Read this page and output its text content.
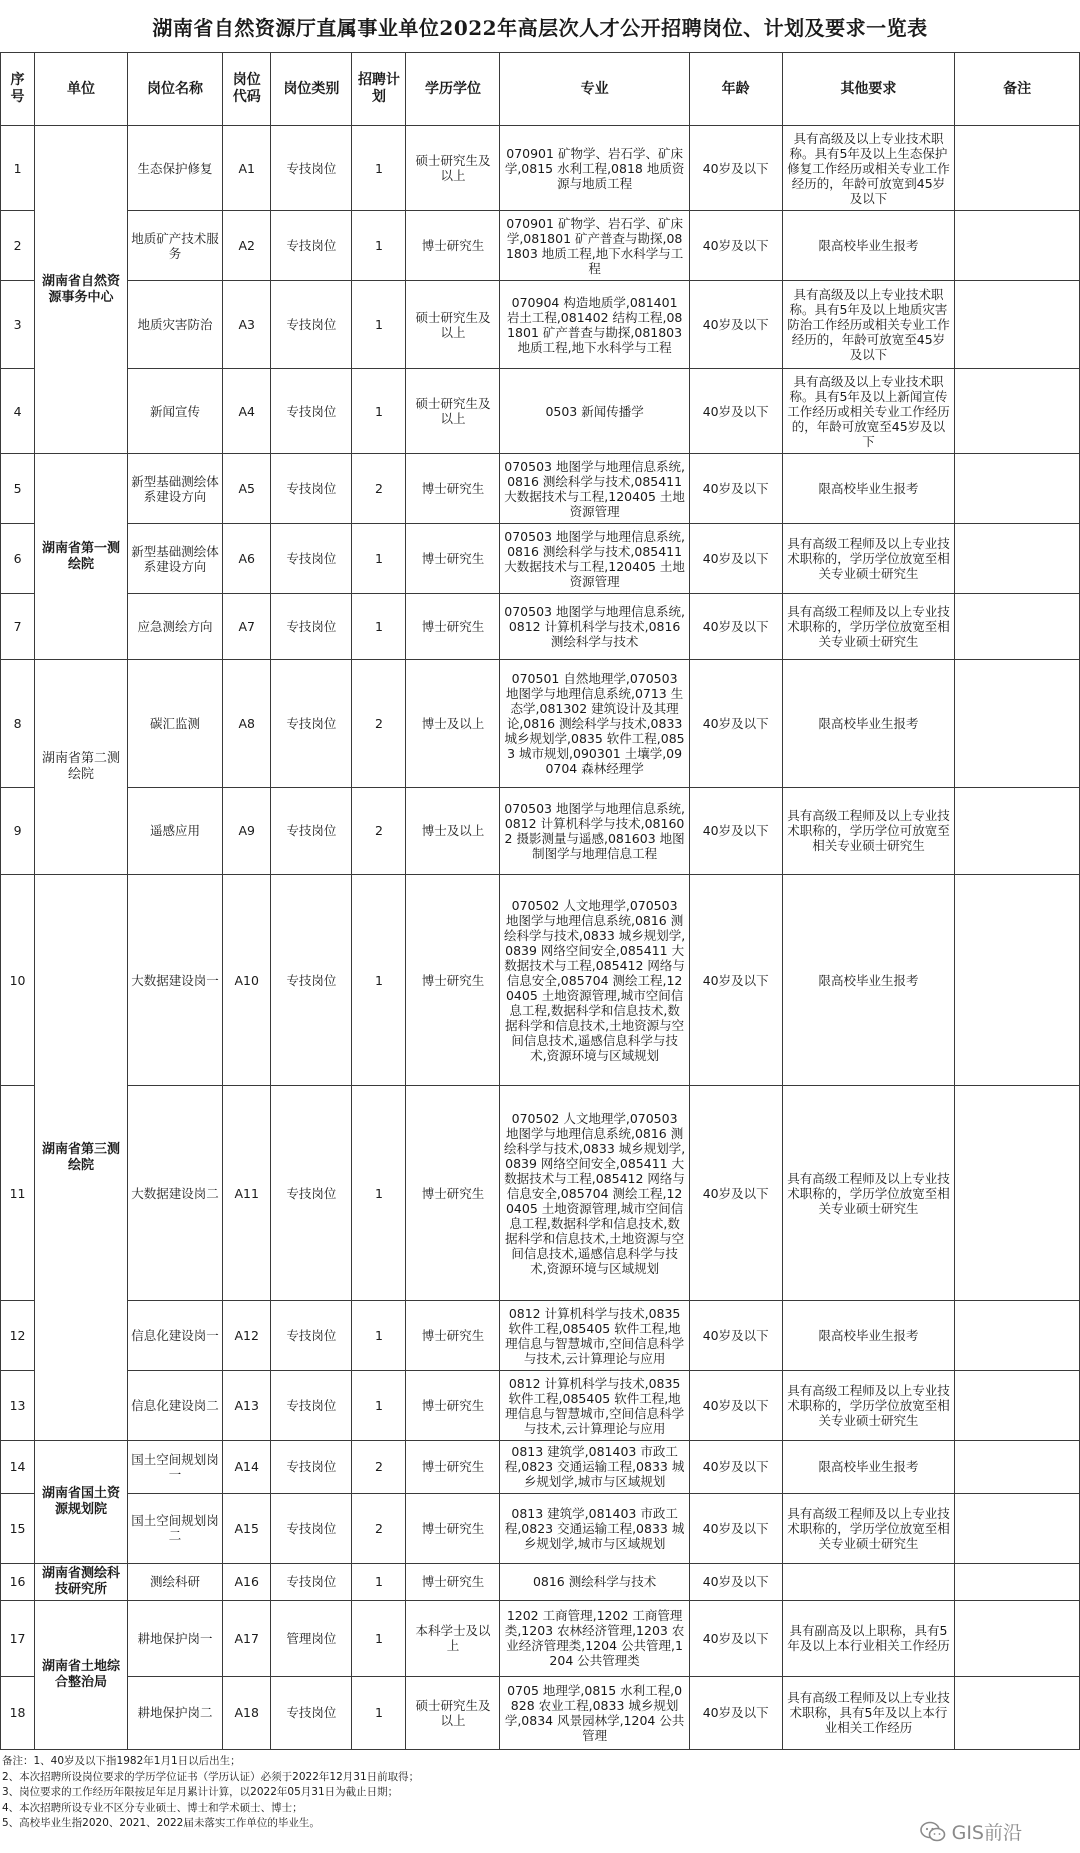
湖南省自然资源厅直属事业单位2022年高层次人才公开招聘岗位、计划及要求一览表
序号	单位	岗位名称	岗位代码	岗位类别	招聘计划	学历学位	专业	年龄	其他要求	备注
1	湖南省自然资源事务中心	生态保护修复	A1	专技岗位	1	硕士研究生及以上	070901 矿物学、岩石学、矿床学,0815 水利工程,0818 地质资源与地质工程	40岁及以下	具有高级及以上专业技术职称。具有5年及以上生态保护修复工作经历或相关专业工作经历的，年龄可放宽到45岁及以下	
2		地质矿产技术服务	A2	专技岗位	1	博士研究生	070901 矿物学、岩石学、矿床学,081801 矿产普查与勘探,081803 地质工程,地下水科学与工程	40岁及以下	限高校毕业生报考	
3		地质灾害防治	A3	专技岗位	1	硕士研究生及以上	070904 构造地质学,081401 岩土工程,081402 结构工程,081801 矿产普查与勘探,081803 地质工程,地下水科学与工程	40岁及以下	具有高级及以上专业技术职称。具有5年及以上地质灾害防治工作经历或相关专业工作经历的，年龄可放宽至45岁及以下	
4		新闻宣传	A4	专技岗位	1	硕士研究生及以上	0503 新闻传播学	40岁及以下	具有高级及以上专业技术职称。具有5年及以上新闻宣传工作经历或相关专业工作经历的，年龄可放宽至45岁及以下	
5	湖南省第一测绘院	新型基础测绘体系建设方向	A5	专技岗位	2	博士研究生	070503 地图学与地理信息系统,0816 测绘科学与技术,085411 大数据技术与工程,120405 土地资源管理	40岁及以下	限高校毕业生报考	
6		新型基础测绘体系建设方向	A6	专技岗位	1	博士研究生	070503 地图学与地理信息系统,0816 测绘科学与技术,085411 大数据技术与工程,120405 土地资源管理	40岁及以下	具有高级工程师及以上专业技术职称的，学历学位放宽至相关专业硕士研究生	
7		应急测绘方向	A7	专技岗位	1	博士研究生	070503 地图学与地理信息系统,0812 计算机科学与技术,0816 测绘科学与技术	40岁及以下	具有高级工程师及以上专业技术职称的，学历学位放宽至相关专业硕士研究生	
8	湖南省第二测绘院	碳汇监测	A8	专技岗位	2	博士及以上	070501 自然地理学,070503 地图学与地理信息系统,0713 生态学,081302 建筑设计及其理论,0816 测绘科学与技术,0833 城乡规划学,0835 软件工程,0853 城市规划,090301 土壤学,090704 森林经理学	40岁及以下	限高校毕业生报考	
9		遥感应用	A9	专技岗位	2	博士及以上	070503 地图学与地理信息系统,0812 计算机科学与技术,081602 摄影测量与遥感,081603 地图制图学与地理信息工程	40岁及以下	具有高级工程师及以上专业技术职称的，学历学位可放宽至相关专业硕士研究生	
10	湖南省第三测绘院	大数据建设岗一	A10	专技岗位	1	博士研究生	070502 人文地理学,070503 地图学与地理信息系统,0816 测绘科学与技术,0833 城乡规划学,0839 网络空间安全,085411 大数据技术与工程,085412 网络与信息安全,085704 测绘工程,120405 土地资源管理,城市空间信息工程,数据科学和信息技术,数据科学和信息技术,土地资源与空间信息技术,遥感信息科学与技术,资源环境与区域规划	40岁及以下	限高校毕业生报考	
11		大数据建设岗二	A11	专技岗位	1	博士研究生	070502 人文地理学,070503 地图学与地理信息系统,0816 测绘科学与技术,0833 城乡规划学,0839 网络空间安全,085411 大数据技术与工程,085412 网络与信息安全,085704 测绘工程,120405 土地资源管理,城市空间信息工程,数据科学和信息技术,数据科学和信息技术,土地资源与空间信息技术,遥感信息科学与技术,资源环境与区域规划	40岁及以下	具有高级工程师及以上专业技术职称的，学历学位放宽至相关专业硕士研究生	
12		信息化建设岗一	A12	专技岗位	1	博士研究生	0812 计算机科学与技术,0835 软件工程,085405 软件工程,地理信息与智慧城市,空间信息科学与技术,云计算理论与应用	40岁及以下	限高校毕业生报考	
13		信息化建设岗二	A13	专技岗位	1	博士研究生	0812 计算机科学与技术,0835 软件工程,085405 软件工程,地理信息与智慧城市,空间信息科学与技术,云计算理论与应用	40岁及以下	具有高级工程师及以上专业技术职称的，学历学位放宽至相关专业硕士研究生	
14	湖南省国土资源规划院	国土空间规划岗一	A14	专技岗位	2	博士研究生	0813 建筑学,081403 市政工程,0823 交通运输工程,0833 城乡规划学,城市与区域规划	40岁及以下	限高校毕业生报考	
15		国土空间规划岗二	A15	专技岗位	2	博士研究生	0813 建筑学,081403 市政工程,0823 交通运输工程,0833 城乡规划学,城市与区域规划	40岁及以下	具有高级工程师及以上专业技术职称的，学历学位放宽至相关专业硕士研究生	
16	湖南省测绘科技研究所	测绘科研	A16	专技岗位	1	博士研究生	0816 测绘科学与技术	40岁及以下		
17	湖南省土地综合整治局	耕地保护岗一	A17	管理岗位	1	本科学士及以上	1202 工商管理,1202 工商管理类,1203 农林经济管理,1203 农业经济管理类,1204 公共管理,1204 公共管理类	40岁及以下	具有副高及以上职称，具有5年及以上本行业相关工作经历	
18		耕地保护岗二	A18	专技岗位	1	硕士研究生及以上	0705 地理学,0815 水利工程,0828 农业工程,0833 城乡规划学,0834 风景园林学,1204 公共管理	40岁及以下	具有高级工程师及以上专业技术职称，具有5年及以上本行业相关工作经历	
备注：1、40岁及以下指1982年1月1日以后出生；
2、本次招聘所设岗位要求的学历学位证书（学历认证）必须于2022年12月31日前取得；
3、岗位要求的工作经历年限按足年足月累计计算，以2022年05月31日为截止日期；
4、本次招聘所设专业不区分专业硕士、博士和学术硕士、博士；
5、高校毕业生指2020、2021、2022届未落实工作单位的毕业生。	GIS前沿
